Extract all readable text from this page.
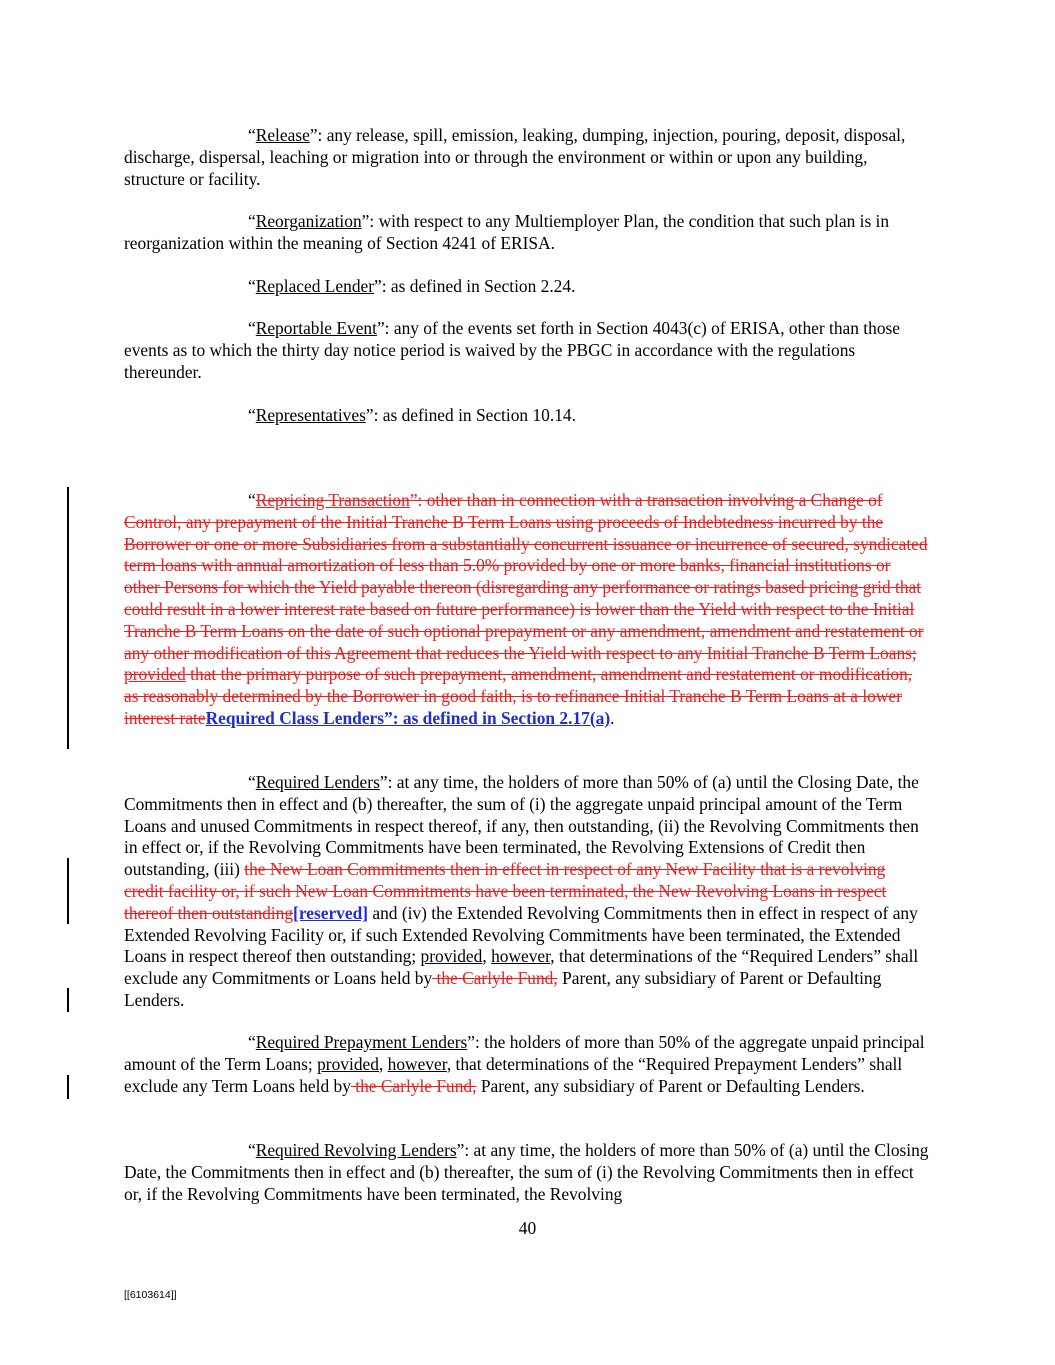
“Release”: any release, spill, emission, leaking, dumping, injection, pouring, deposit, disposal, discharge, dispersal, leaching or migration into or through the environment or within or upon any building, structure or facility.

“Reorganization”: with respect to any Multiemployer Plan, the condition that such plan is in reorganization within the meaning of Section 4241 of ERISA.

“Replaced Lender”: as defined in Section 2.24.

“Reportable Event”: any of the events set forth in Section 4043(c) of ERISA, other than those events as to which the thirty day notice period is waived by the PBGC in accordance with the regulations thereunder.

“Representatives”: as defined in Section 10.14.

“Repricing Transaction”: other than in connection with a transaction involving a Change of Control, any prepayment of the Initial Tranche B Term Loans using proceeds of Indebtedness incurred by the Borrower or one or more Subsidiaries from a substantially concurrent issuance or incurrence of secured, syndicated term loans with annual amortization of less than 5.0% provided by one or more banks, financial institutions or other Persons for which the Yield payable thereon (disregarding any performance or ratings based pricing grid that could result in a lower interest rate based on future performance) is lower than the Yield with respect to the Initial Tranche B Term Loans on the date of such optional prepayment or any amendment, amendment and restatement or any other modification of this Agreement that reduces the Yield with respect to any Initial Tranche B Term Loans; provided that the primary purpose of such prepayment, amendment, amendment and restatement or modification, as reasonably determined by the Borrower in good faith, is to refinance Initial Tranche B Term Loans at a lower interest rateRequired Class Lenders”: as defined in Section 2.17(a).

“Required Lenders”: at any time, the holders of more than 50% of (a) until the Closing Date, the Commitments then in effect and (b) thereafter, the sum of (i) the aggregate unpaid principal amount of the Term Loans and unused Commitments in respect thereof, if any, then outstanding, (ii) the Revolving Commitments then in effect or, if the Revolving Commitments have been terminated, the Revolving Extensions of Credit then outstanding, (iii) the New Loan Commitments then in effect in respect of any New Facility that is a revolving credit facility or, if such New Loan Commitments have been terminated, the New Revolving Loans in respect thereof then outstanding[reserved] and (iv) the Extended Revolving Commitments then in effect in respect of any Extended Revolving Facility or, if such Extended Revolving Commitments have been terminated, the Extended Loans in respect thereof then outstanding; provided, however, that determinations of the “Required Lenders” shall exclude any Commitments or Loans held by the Carlyle Fund, Parent, any subsidiary of Parent or Defaulting Lenders.

“Required Prepayment Lenders”: the holders of more than 50% of the aggregate unpaid principal amount of the Term Loans; provided, however, that determinations of the “Required Prepayment Lenders” shall exclude any Term Loans held by the Carlyle Fund, Parent, any subsidiary of Parent or Defaulting Lenders.

“Required Revolving Lenders”: at any time, the holders of more than 50% of (a) until the Closing Date, the Commitments then in effect and (b) thereafter, the sum of (i) the Revolving Commitments then in effect or, if the Revolving Commitments have been terminated, the Revolving

40
[[6103614]]
